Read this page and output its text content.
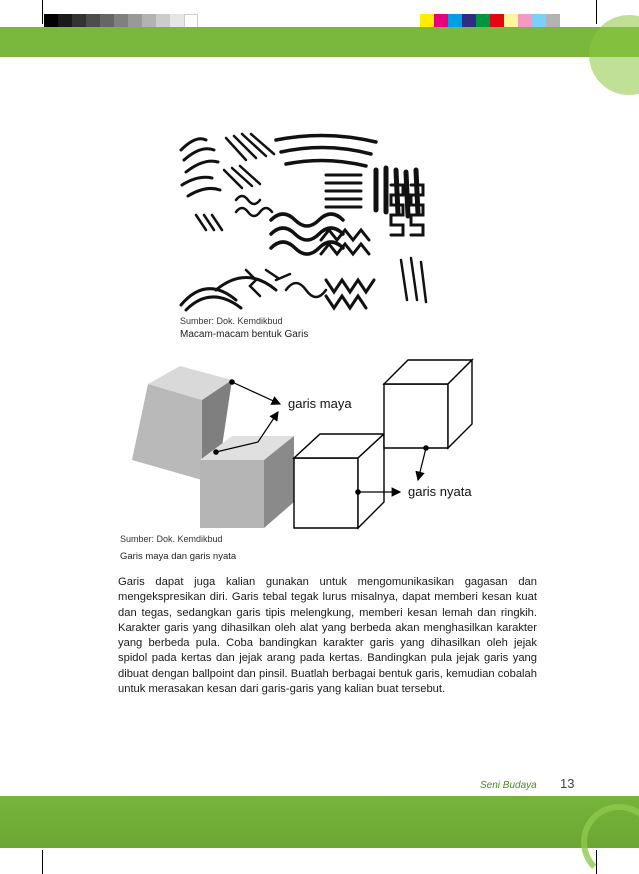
Sumber: Dok. Kemdikbud
Macam-macam bentuk Garis
garis maya
garis nyata
Sumber: Dok. Kemdikbud
Garis maya dan garis nyata

Garis dapat juga kalian gunakan untuk mengomunikasikan gagasan dan mengekspresikan diri. Garis tebal tegak lurus misalnya, dapat memberi kesan kuat dan tegas, sedangkan garis tipis melengkung, memberi kesan lemah dan ringkih. Karakter garis yang dihasilkan oleh alat yang berbeda akan menghasilkan karakter yang berbeda pula. Coba bandingkan karakter garis yang dihasilkan oleh jejak spidol pada kertas dan jejak arang pada kertas. Bandingkan pula jejak garis yang dibuat dengan ballpoint dan pinsil. Buatlah berbagai bentuk garis, kemudian cobalah untuk merasakan kesan dari garis-garis yang kalian buat tersebut.

Seni Budaya 13
